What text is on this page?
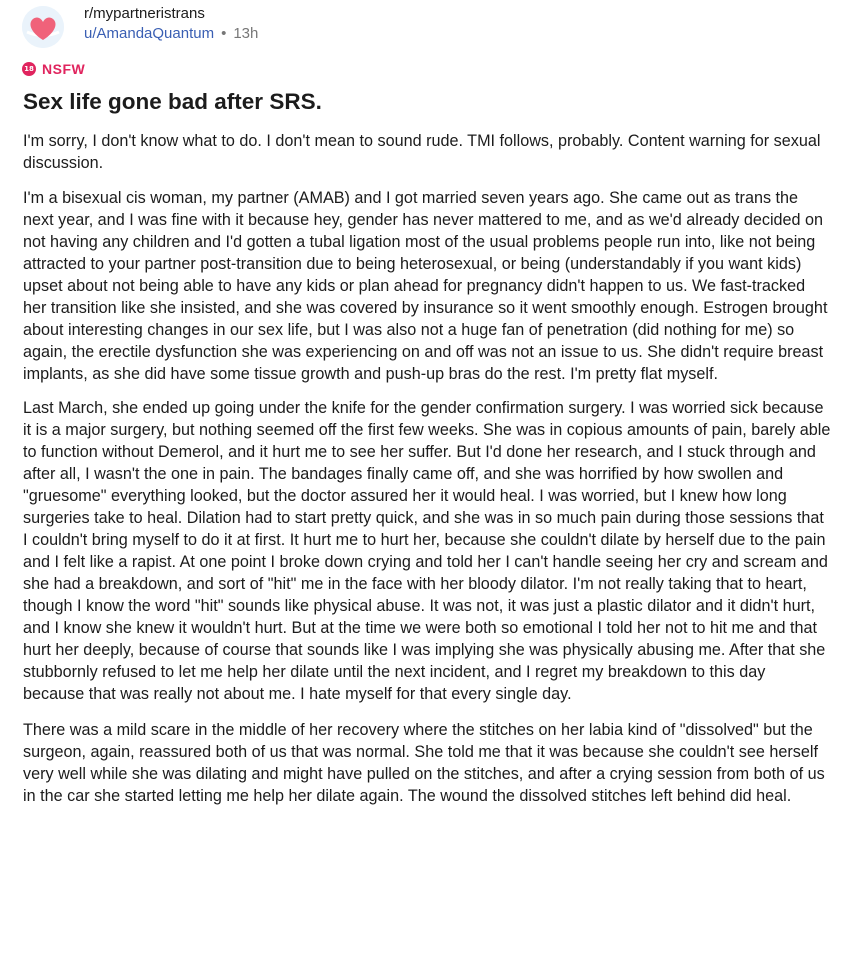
r/mypartneristrans
u/AmandaQuantum • 13h
18 NSFW
Sex life gone bad after SRS.

I'm sorry, I don't know what to do. I don't mean to sound rude. TMI follows, probably. Content warning for sexual discussion.

I'm a bisexual cis woman, my partner (AMAB) and I got married seven years ago. She came out as trans the next year, and I was fine with it because hey, gender has never mattered to me, and as we'd already decided on not having any children and I'd gotten a tubal ligation most of the usual problems people run into, like not being attracted to your partner post-transition due to being heterosexual, or being (understandably if you want kids) upset about not being able to have any kids or plan ahead for pregnancy didn't happen to us. We fast-tracked her transition like she insisted, and she was covered by insurance so it went smoothly enough. Estrogen brought about interesting changes in our sex life, but I was also not a huge fan of penetration (did nothing for me) so again, the erectile dysfunction she was experiencing on and off was not an issue to us. She didn't require breast implants, as she did have some tissue growth and push-up bras do the rest. I'm pretty flat myself.

Last March, she ended up going under the knife for the gender confirmation surgery. I was worried sick because it is a major surgery, but nothing seemed off the first few weeks. She was in copious amounts of pain, barely able to function without Demerol, and it hurt me to see her suffer. But I'd done her research, and I stuck through and after all, I wasn't the one in pain. The bandages finally came off, and she was horrified by how swollen and "gruesome" everything looked, but the doctor assured her it would heal. I was worried, but I knew how long surgeries take to heal. Dilation had to start pretty quick, and she was in so much pain during those sessions that I couldn't bring myself to do it at first. It hurt me to hurt her, because she couldn't dilate by herself due to the pain and I felt like a rapist. At one point I broke down crying and told her I can't handle seeing her cry and scream and she had a breakdown, and sort of "hit" me in the face with her bloody dilator. I'm not really taking that to heart, though I know the word "hit" sounds like physical abuse. It was not, it was just a plastic dilator and it didn't hurt, and I know she knew it wouldn't hurt. But at the time we were both so emotional I told her not to hit me and that hurt her deeply, because of course that sounds like I was implying she was physically abusing me. After that she stubbornly refused to let me help her dilate until the next incident, and I regret my breakdown to this day because that was really not about me. I hate myself for that every single day.

There was a mild scare in the middle of her recovery where the stitches on her labia kind of "dissolved" but the surgeon, again, reassured both of us that was normal. She told me that it was because she couldn't see herself very well while she was dilating and might have pulled on the stitches, and after a crying session from both of us in the car she started letting me help her dilate again. The wound the dissolved stitches left behind did heal.
